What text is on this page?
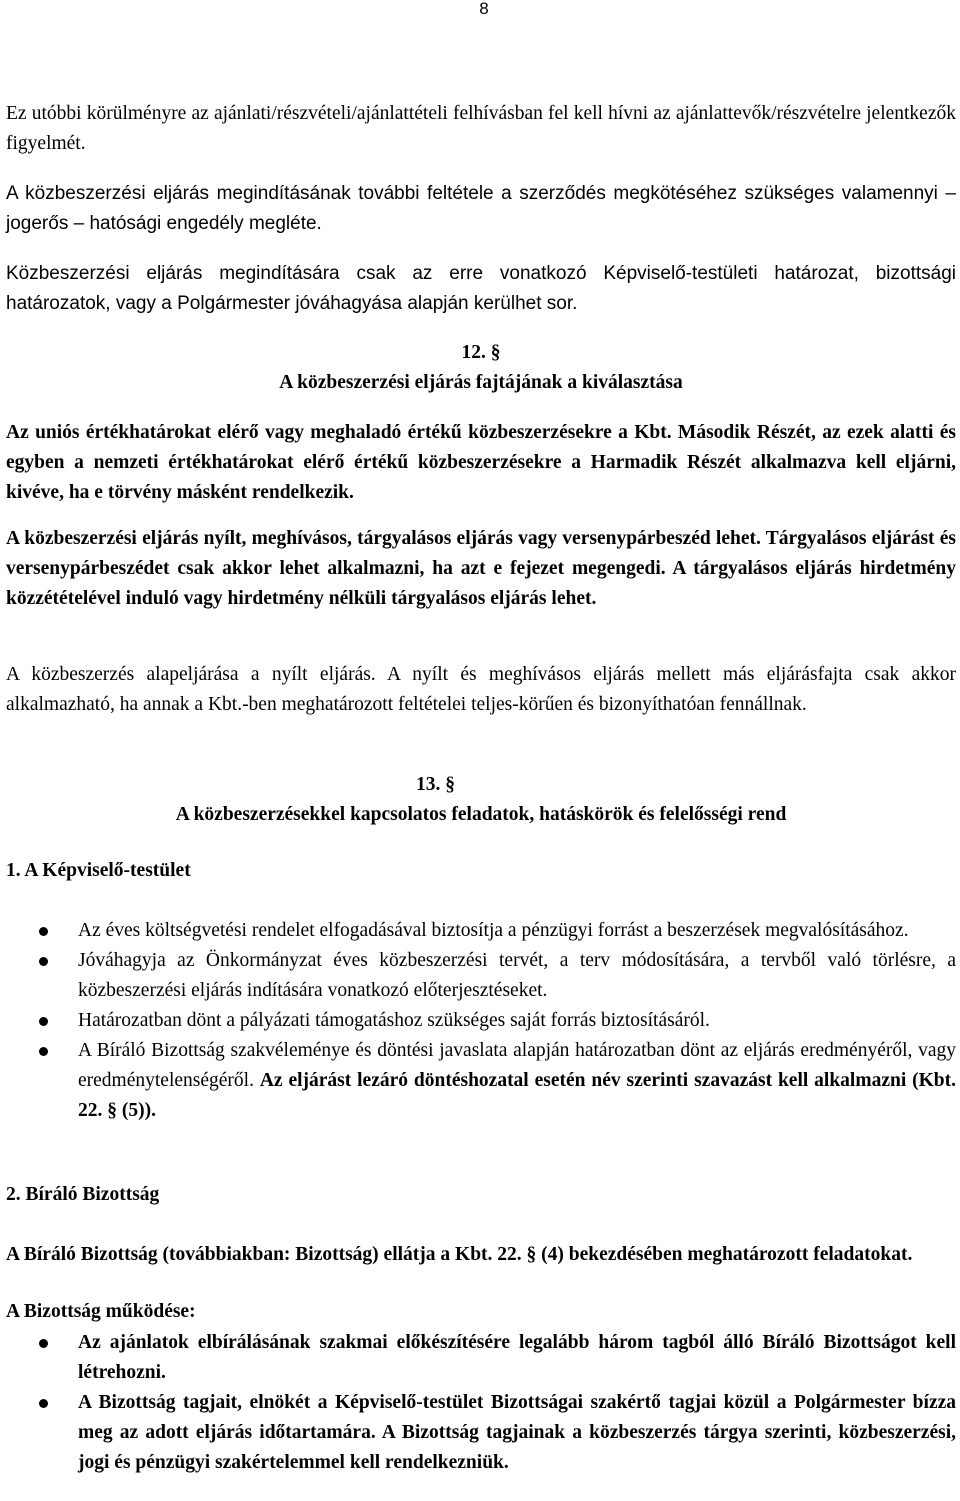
8

Ez utóbbi körülményre az ajánlati/részvételi/ajánlattételi felhívásban fel kell hívni az ajánlattevők/részvételre jelentkezők figyelmét.

A közbeszerzési eljárás megindításának további feltétele a szerződés megkötéséhez szükséges valamennyi – jogerős – hatósági engedély megléte.

Közbeszerzési eljárás megindítására csak az erre vonatkozó Képviselő-testületi határozat, bizottsági határozatok, vagy a Polgármester jóváhagyása alapján kerülhet sor.

12. §

A közbeszerzési eljárás fajtájának a kiválasztása

Az uniós értékhatárokat elérő vagy meghaladó értékű közbeszerzésekre a Kbt. Második Részét, az ezek alatti és egyben a nemzeti értékhatárokat elérő értékű közbeszerzésekre a Harmadik Részét alkalmazva kell eljárni, kivéve, ha e törvény másként rendelkezik.

A közbeszerzési eljárás nyílt, meghívásos, tárgyalásos eljárás vagy versenypárbeszéd lehet. Tárgyalásos eljárást és versenypárbeszédet csak akkor lehet alkalmazni, ha azt e fejezet megengedi. A tárgyalásos eljárás hirdetmény közzétételével induló vagy hirdetmény nélküli tárgyalásos eljárás lehet.

A közbeszerzés alapeljárása a nyílt eljárás. A nyílt és meghívásos eljárás mellett más eljárásfajta csak akkor alkalmazható, ha annak a Kbt.-ben meghatározott feltételei teljes-körűen és bizonyíthatóan fennállnak.

13. §

A közbeszerzésekkel kapcsolatos feladatok, hatáskörök és felelősségi rend

1. A Képviselő-testület

Az éves költségvetési rendelet elfogadásával biztosítja a pénzügyi forrást a beszerzések megvalósításához.
Jóváhagyja az Önkormányzat éves közbeszerzési tervét, a terv módosítására, a tervből való törlésre, a közbeszerzési eljárás indítására vonatkozó előterjesztéseket.
Határozatban dönt a pályázati támogatáshoz szükséges saját forrás biztosításáról.
A Bíráló Bizottság szakvéleménye és döntési javaslata alapján határozatban dönt az eljárás eredményéről, vagy eredménytelenségéről. Az eljárást lezáró döntéshozatal esetén név szerinti szavazást kell alkalmazni (Kbt. 22. § (5)).

2. Bíráló Bizottság

A Bíráló Bizottság (továbbiakban: Bizottság) ellátja a Kbt. 22. § (4) bekezdésében meghatározott feladatokat.

A Bizottság működése:

Az ajánlatok elbírálásának szakmai előkészítésére legalább három tagból álló Bíráló Bizottságot kell létrehozni.
A Bizottság tagjait, elnökét a Képviselő-testület Bizottságai szakértő tagjai közül a Polgármester bízza meg az adott eljárás időtartamára. A Bizottság tagjainak a közbeszerzés tárgya szerinti, közbeszerzési, jogi és pénzügyi szakértelemmel kell rendelkezniük.
